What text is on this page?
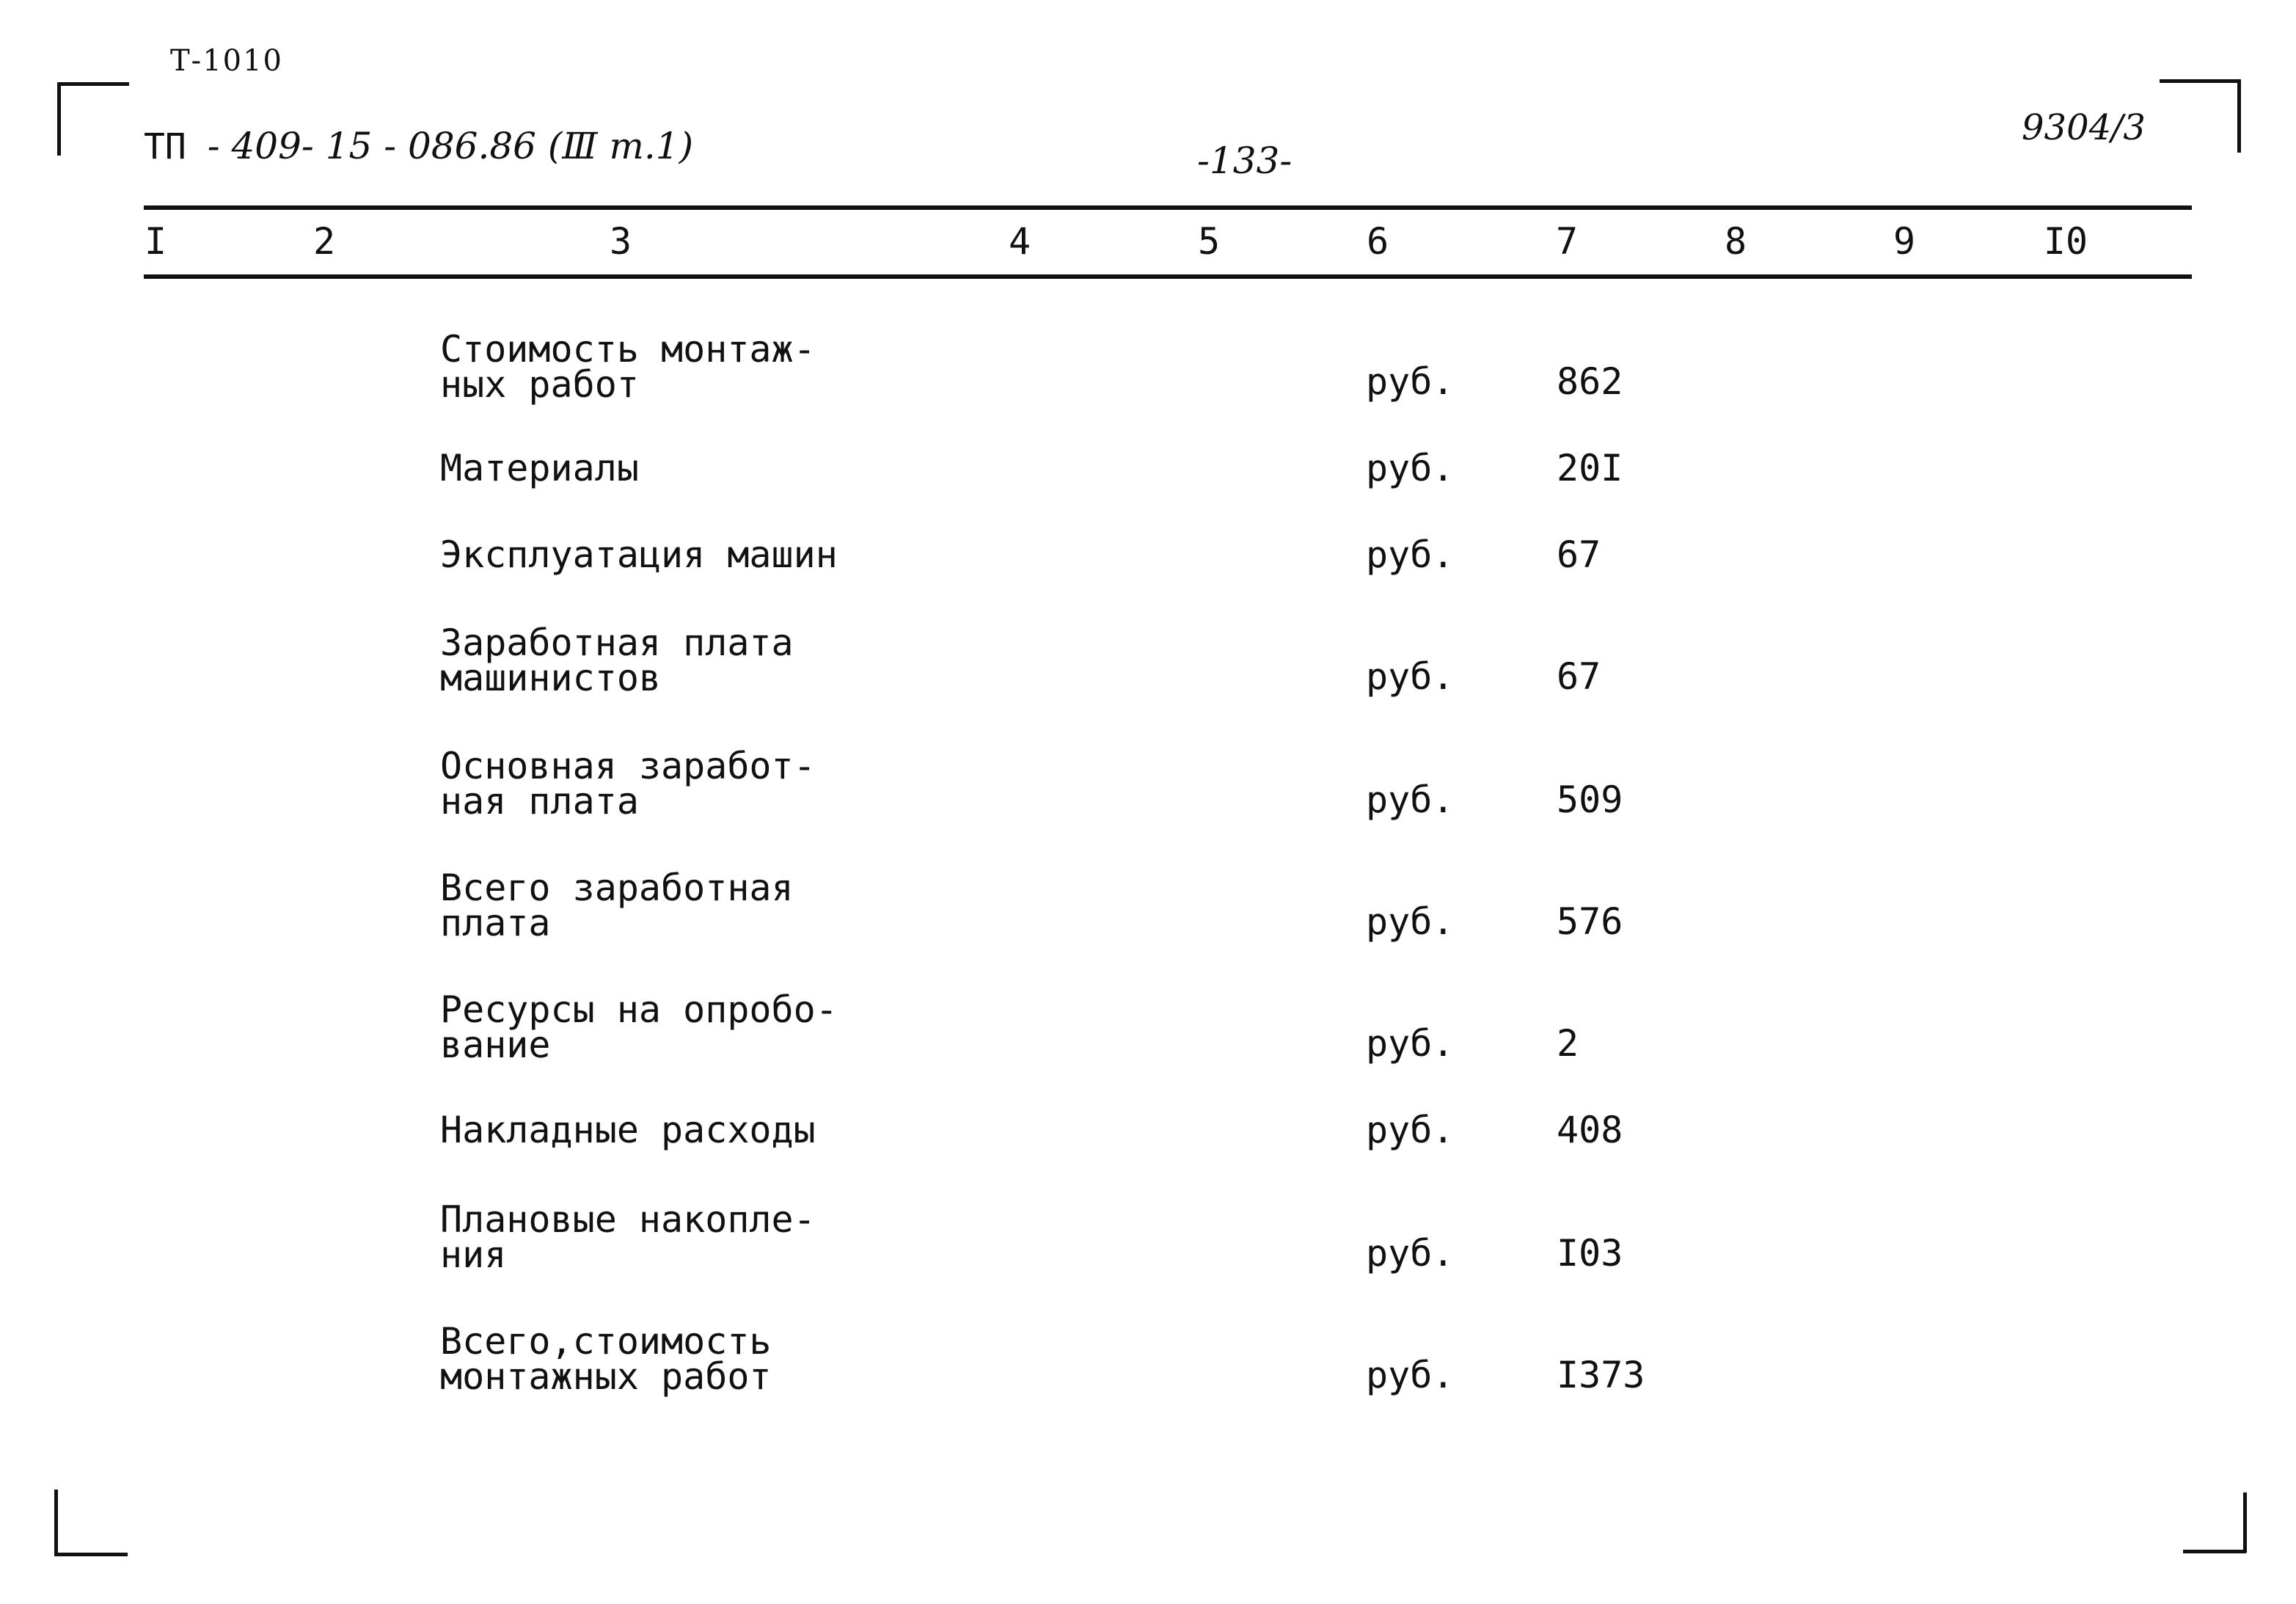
Т-1010
ТП - 409- 15 - 086.86 (Ⅲ т.1)	-133-
9304/3
I	2	3	4	5	6	7	8	9	I0
Стоимость монтаж-
ных работ	руб.	862
Материалы	руб.	20I
Эксплуатация машин	руб.	67
Заработная плата
машинистов	руб.	67
Основная заработ-
ная плата	руб.	509
Всего заработная
плата	руб.	576
Ресурсы на опробо-
вание	руб.	2
Накладные расходы	руб.	408
Плановые накопле-
ния	руб.	I03
Всего,стоимость
монтажных работ	руб.	I373
